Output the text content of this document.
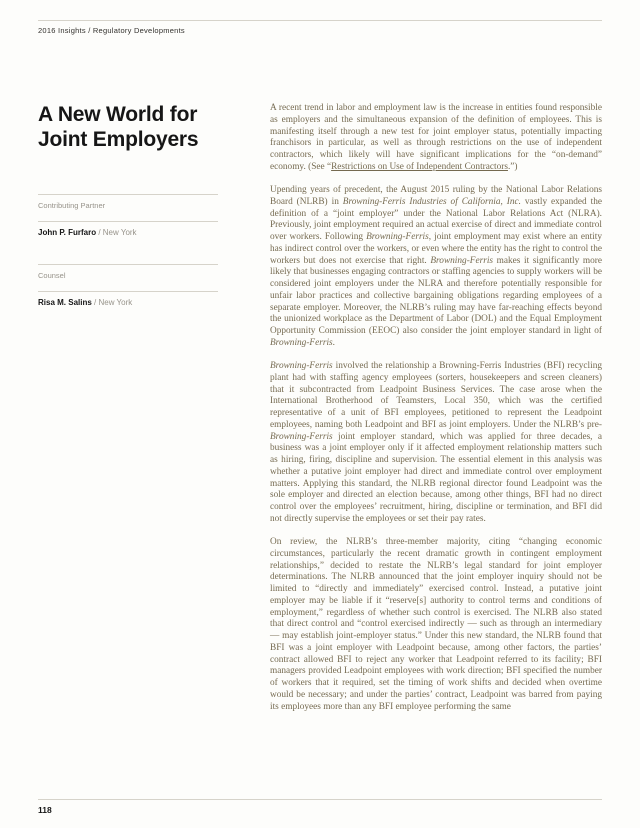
2016 Insights / Regulatory Developments
A New World for
Joint Employers
Contributing Partner
John P. Furfaro / New York
Counsel
Risa M. Salins / New York

A recent trend in labor and employment law is the increase in entities found responsible as employers and the simultaneous expansion of the definition of employees. This is manifesting itself through a new test for joint employer status, potentially impacting franchisors in particular, as well as through restrictions on the use of independent contractors, which likely will have significant implications for the “on-demand” economy. (See “Restrictions on Use of Independent Contractors.”)

Upending years of precedent, the August 2015 ruling by the National Labor Relations Board (NLRB) in Browning-Ferris Industries of California, Inc. vastly expanded the definition of a “joint employer” under the National Labor Relations Act (NLRA). Previously, joint employment required an actual exercise of direct and immediate control over workers. Following Browning-Ferris, joint employment may exist where an entity has indirect control over the workers, or even where the entity has the right to control the workers but does not exercise that right. Browning-Ferris makes it significantly more likely that businesses engaging contractors or staffing agencies to supply workers will be considered joint employers under the NLRA and therefore potentially responsible for unfair labor practices and collective bargaining obligations regarding employees of a separate employer. Moreover, the NLRB’s ruling may have far-reaching effects beyond the unionized workplace as the Department of Labor (DOL) and the Equal Employment Opportunity Commission (EEOC) also consider the joint employer standard in light of Browning-Ferris.

Browning-Ferris involved the relationship a Browning-Ferris Industries (BFI) recycling plant had with staffing agency employees (sorters, housekeepers and screen cleaners) that it subcontracted from Leadpoint Business Services. The case arose when the International Brotherhood of Teamsters, Local 350, which was the certified representative of a unit of BFI employees, petitioned to represent the Leadpoint employees, naming both Leadpoint and BFI as joint employers. Under the NLRB’s pre-Browning-Ferris joint employer standard, which was applied for three decades, a business was a joint employer only if it affected employment relationship matters such as hiring, firing, discipline and supervision. The essential element in this analysis was whether a putative joint employer had direct and immediate control over employment matters. Applying this standard, the NLRB regional director found Leadpoint was the sole employer and directed an election because, among other things, BFI had no direct control over the employees’ recruitment, hiring, discipline or termination, and BFI did not directly supervise the employees or set their pay rates.

On review, the NLRB’s three-member majority, citing “changing economic circumstances, particularly the recent dramatic growth in contingent employment relationships,” decided to restate the NLRB’s legal standard for joint employer determinations. The NLRB announced that the joint employer inquiry should not be limited to “directly and immediately” exercised control. Instead, a putative joint employer may be liable if it “reserve[s] authority to control terms and conditions of employment,” regardless of whether such control is exercised. The NLRB also stated that direct control and “control exercised indirectly — such as through an intermediary — may establish joint-employer status.” Under this new standard, the NLRB found that BFI was a joint employer with Leadpoint because, among other factors, the parties’ contract allowed BFI to reject any worker that Leadpoint referred to its facility; BFI managers provided Leadpoint employees with work direction; BFI specified the number of workers that it required, set the timing of work shifts and decided when overtime would be necessary; and under the parties’ contract, Leadpoint was barred from paying its employees more than any BFI employee performing the same

118
